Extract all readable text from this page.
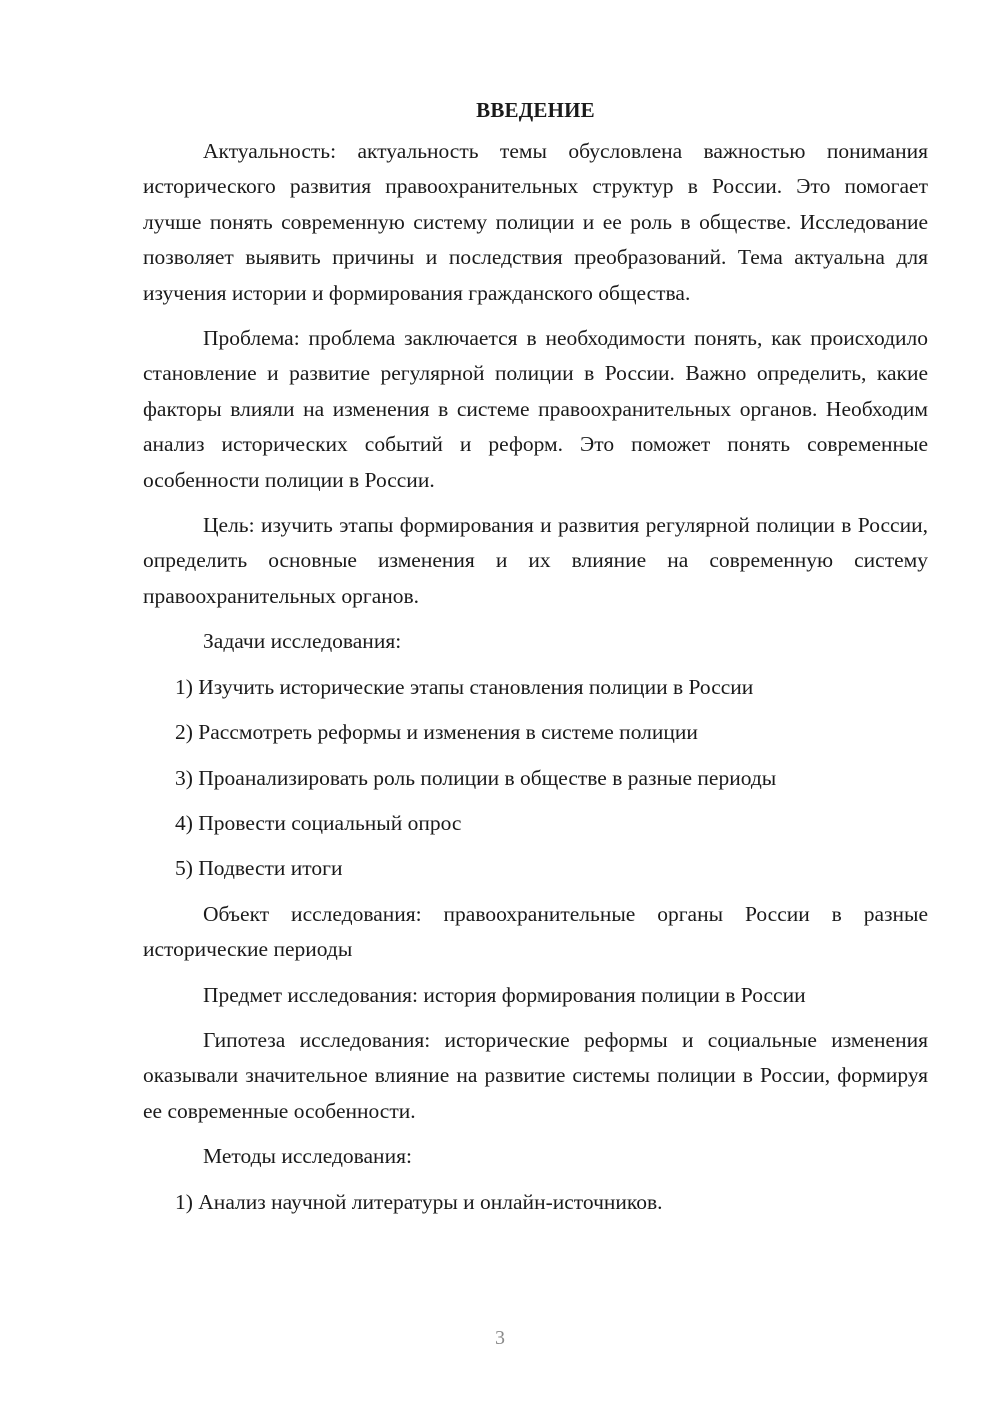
ВВЕДЕНИЕ

Актуальность: актуальность темы обусловлена важностью понимания исторического развития правоохранительных структур в России. Это помогает лучше понять современную систему полиции и ее роль в обществе. Исследование позволяет выявить причины и последствия преобразований. Тема актуальна для изучения истории и формирования гражданского общества.

Проблема: проблема заключается в необходимости понять, как происходило становление и развитие регулярной полиции в России. Важно определить, какие факторы влияли на изменения в системе правоохранительных органов. Необходим анализ исторических событий и реформ. Это поможет понять современные особенности полиции в России.

Цель: изучить этапы формирования и развития регулярной полиции в России, определить основные изменения и их влияние на современную систему правоохранительных органов.

Задачи исследования:
1) Изучить исторические этапы становления полиции в России
2) Рассмотреть реформы и изменения в системе полиции
3) Проанализировать роль полиции в обществе в разные периоды
4) Провести социальный опрос
5) Подвести итоги

Объект исследования: правоохранительные органы России в разные исторические периоды

Предмет исследования: история формирования полиции в России

Гипотеза исследования: исторические реформы и социальные изменения оказывали значительное влияние на развитие системы полиции в России, формируя ее современные особенности.

Методы исследования:
1) Анализ научной литературы и онлайн-источников.
3
